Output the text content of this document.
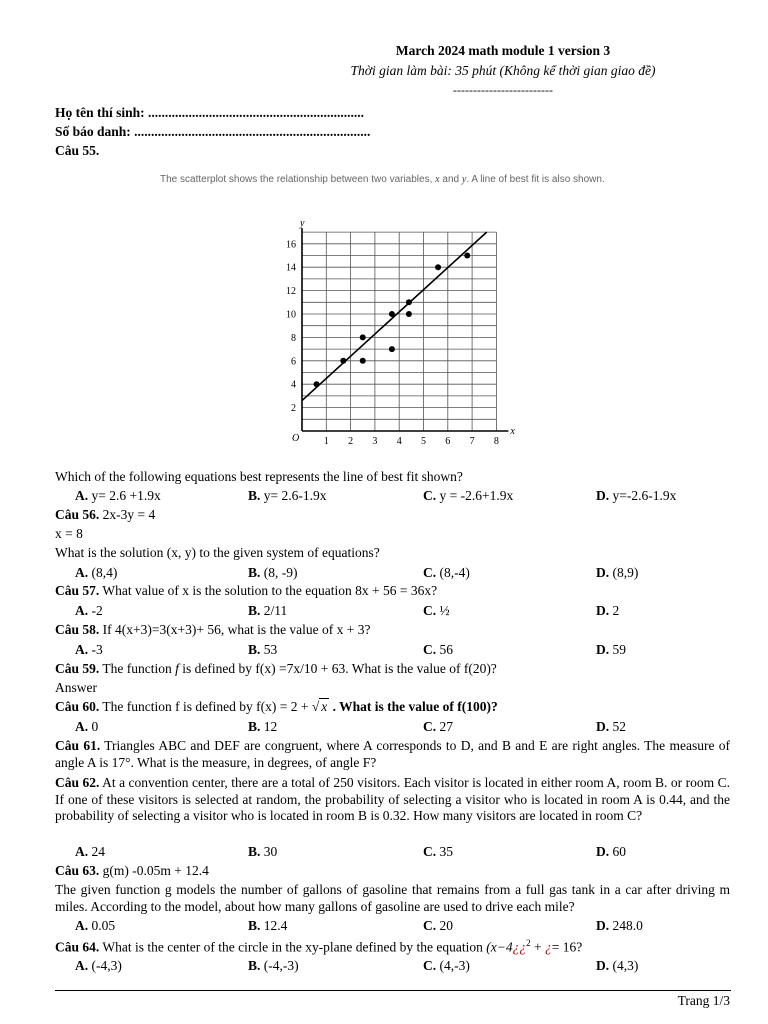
March 2024 math module 1 version 3
Thời gian làm bài: 35 phút (Không kể thời gian giao đề)
-------------------------
Họ tên thí sinh: ................................................................
Số báo danh: ......................................................................
Câu 55.
The scatterplot shows the relationship between two variables, x and y. A line of best fit is also shown.
x
y
O 1 2 3 4 5 6 7 8
2
4
6
8
10
12
14
16
Which of the following equations best represents the line of best fit shown?
A. y= 2.6 +1.9x	B. y= 2.6-1.9x	C. y = -2.6+1.9x	D. y=-2.6-1.9x
Câu 56. 2x-3y = 4
x = 8
What is the solution (x, y) to the given system of equations?
A. (8,4)	B. (8, -9)	C. (8,-4)	D. (8,9)
Câu 57. What value of x is the solution to the equation 8x + 56 = 36x?
A. -2	B. 2/11	C. ½	D. 2
Câu 58. If 4(x+3)=3(x+3)+ 56, what is the value of x + 3?
A. -3	B. 53	C. 56	D. 59
Câu 59. The function f is defined by f(x) =7x/10 + 63. What is the value of f(20)?
Answer
Câu 60. The function f is defined by f(x) = 2 + √ x . What is the value of f(100)?
A. 0	B. 12	C. 27	D. 52
Câu 61. Triangles ABC and DEF are congruent, where A corresponds to D, and B and E are right angles. The measure of angle A is 17°. What is the measure, in degrees, of angle F?
Câu 62. At a convention center, there are a total of 250 visitors. Each visitor is located in either room A, room B. or room C. If one of these visitors is selected at random, the probability of selecting a visitor who is located in room A is 0.44, and the probability of selecting a visitor who is located in room B is 0.32. How many visitors are located in room C?
A. 24	B. 30	C. 35	D. 60
Câu 63. g(m) -0.05m + 12.4
The given function g models the number of gallons of gasoline that remains from a full gas tank in a car after driving m miles. According to the model, about how many gallons of gasoline are used to drive each mile?
A. 0.05	B. 12.4	C. 20	D. 248.0
Câu 64. What is the center of the circle in the xy-plane defined by the equation (x−4¿¿$^2$ + ¿= 16?
A. (-4,3)	B. (-4,-3)	C. (4,-3)	D. (4,3)
Trang 1/3
